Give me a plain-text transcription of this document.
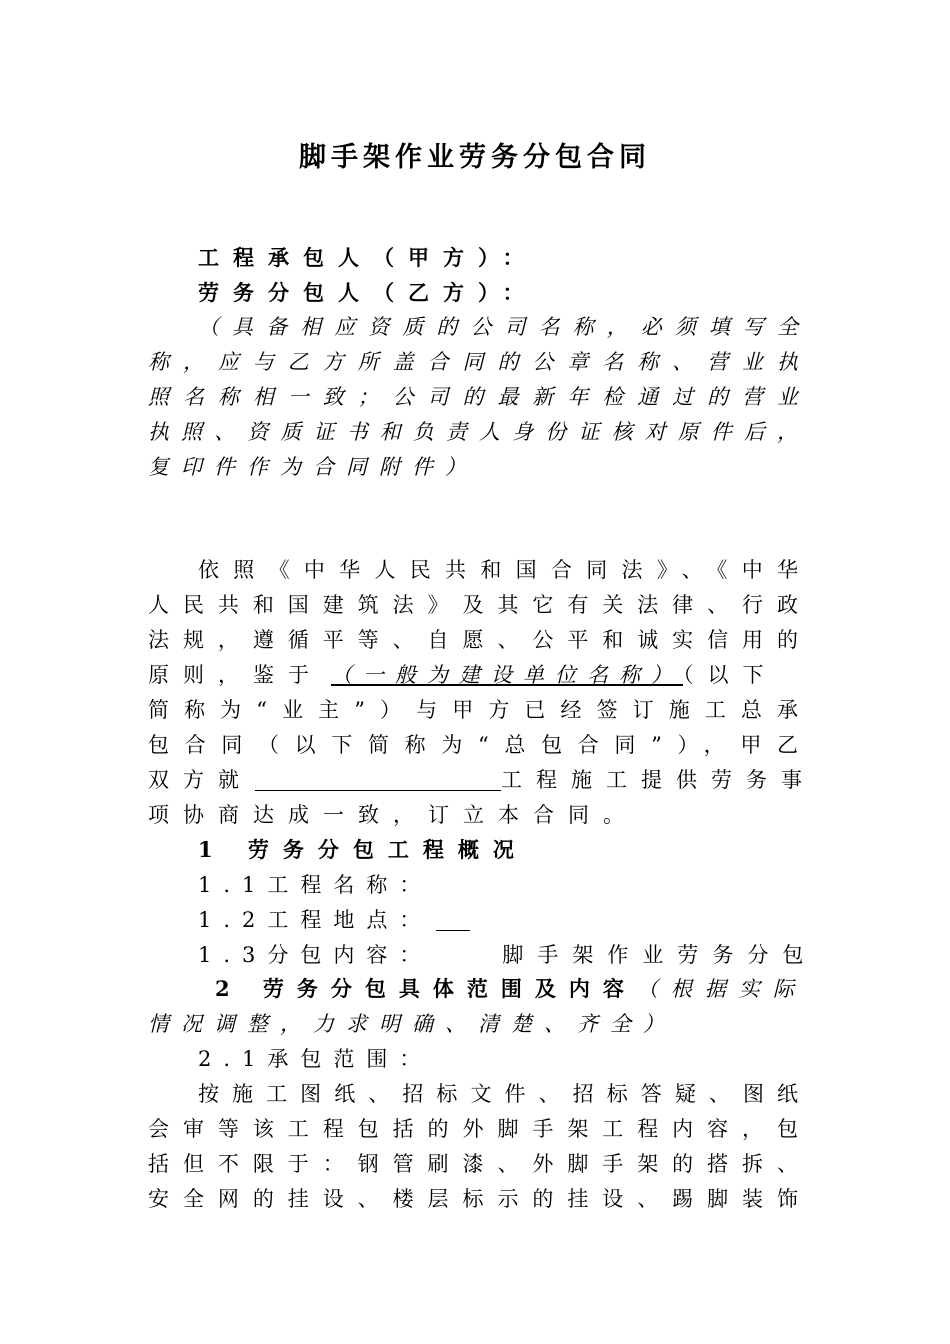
脚手架作业劳务分包合同
工程承包人（甲方）：
劳务分包人（乙方）：
（具备相应资质的公司名称，必须填写全
称，应与乙方所盖合同的公章名称、营业执
照名称相一致；公司的最新年检通过的营业
执照、资质证书和负责人身份证核对原件后，
复印件作为合同附件）
依照《中华人民共和国合同法》、《中华
人民共和国建筑法》及其它有关法律、行政
法规，遵循平等、自愿、公平和诚实信用的
原则，鉴于 （一般为建设单位名称）（以下
简称为“业主”）与甲方已经签订施工总承
包合同（以下简称为“总包合同”），甲乙
双方就	工程施工提供劳务事
项协商达成一致，订立本合同。
1 劳务分包工程概况
1.1工程名称：
1.2工程地点：
1.3分包内容：	脚手架作业劳务分包
2 劳务分包具体范围及内容（根据实际
情况调整，力求明确、清楚、齐全）
2.1承包范围：
按施工图纸、招标文件、招标答疑、图纸
会审等该工程包括的外脚手架工程内容，包
括但不限于：钢管刷漆、外脚手架的搭拆、
安全网的挂设、楼层标示的挂设、踢脚装饰
